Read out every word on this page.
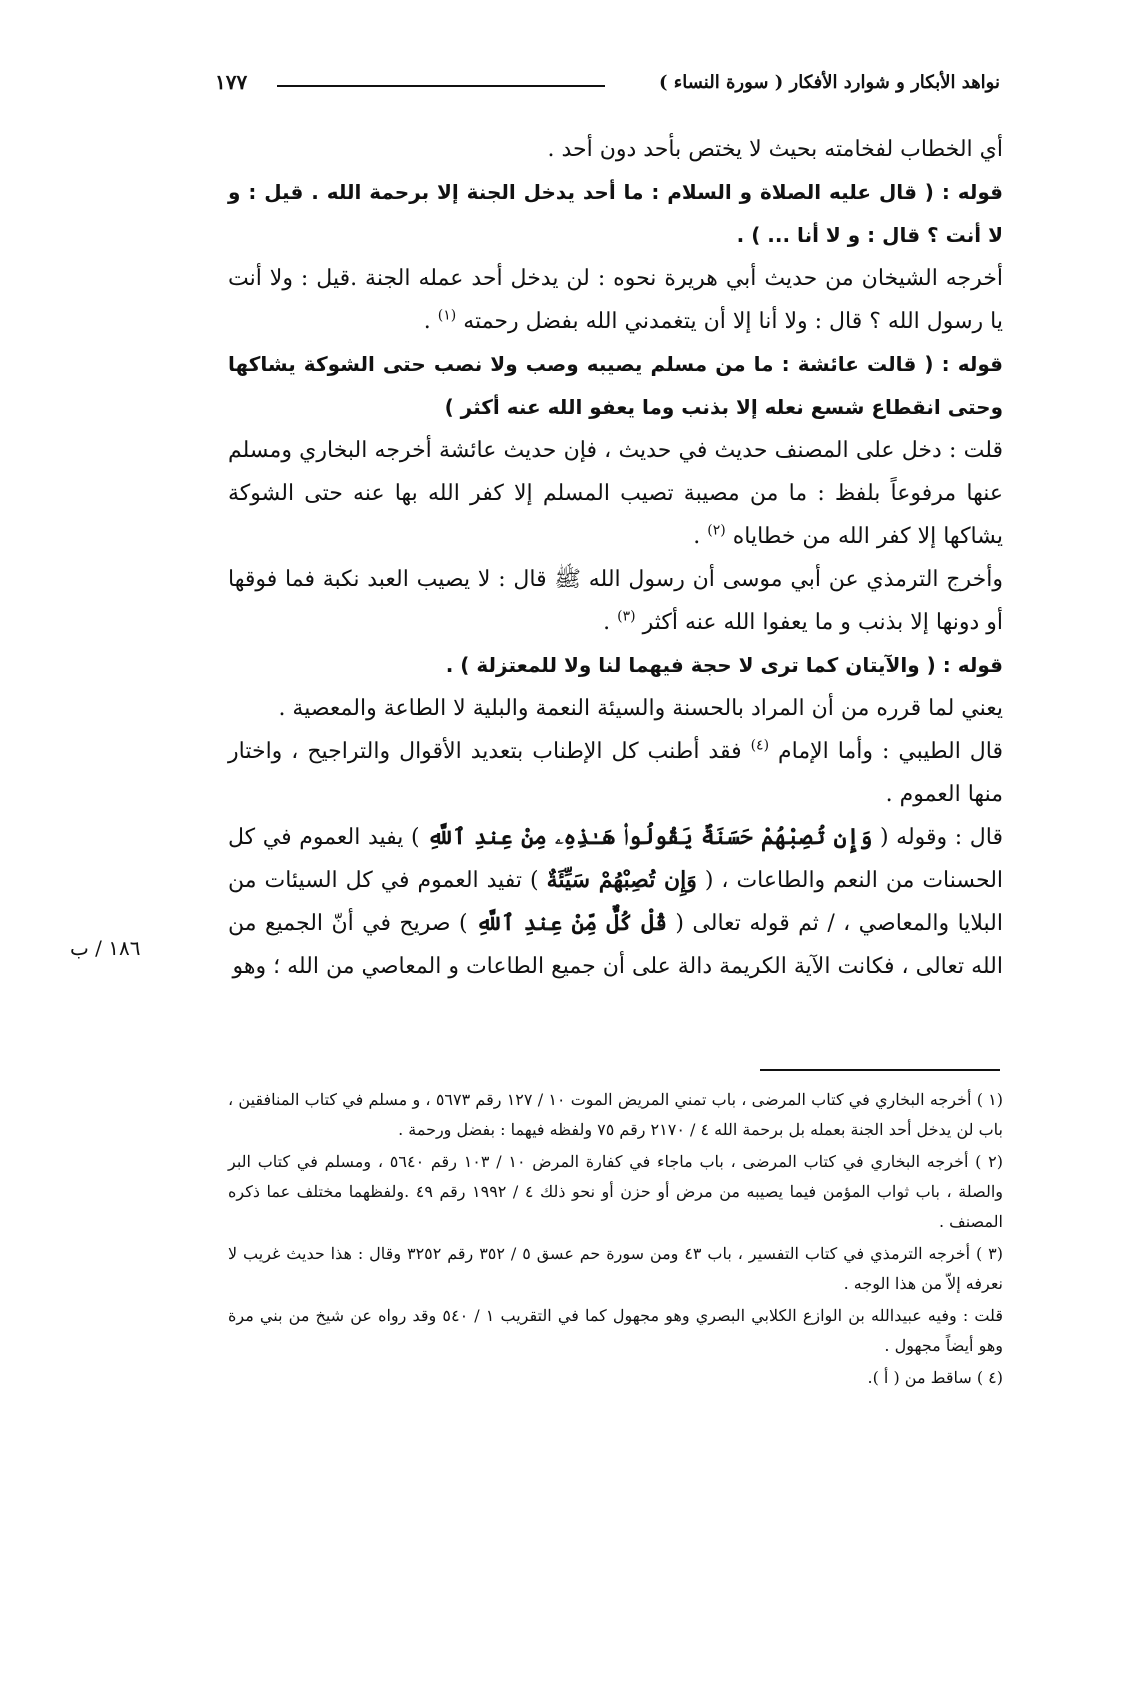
نواهد الأبكار و شوارد الأفكار ( سورة النساء )
١٧٧

أي الخطاب لفخامته بحيث لا يختص بأحد دون أحد .

قوله : ( قال عليه الصلاة و السلام : ما أحد يدخل الجنة إلا برحمة الله . قيل : و لا أنت ؟ قال : و لا أنا ... ) .

أخرجه الشيخان من حديث أبي هريرة نحوه : لن يدخل أحد عمله الجنة .قيل : ولا أنت يا رسول الله ؟ قال : ولا أنا إلا أن يتغمدني الله بفضل رحمته $^{(١)}$ .

قوله : ( قالت عائشة : ما من مسلم يصيبه وصب ولا نصب حتى الشوكة يشاكها وحتى انقطاع شسع نعله إلا بذنب وما يعفو الله عنه أكثر )

قلت : دخل على المصنف حديث في حديث ، فإن حديث عائشة أخرجه البخاري ومسلم عنها مرفوعاً بلفظ : ما من مصيبة تصيب المسلم إلا كفر الله بها عنه حتى الشوكة يشاكها إلا كفر الله من خطاياه $^{(٢)}$ .

وأخرج الترمذي عن أبي موسى أن رسول الله ﷺ قال : لا يصيب العبد نكبة فما فوقها أو دونها إلا بذنب و ما يعفوا الله عنه أكثر $^{(٣)}$ .

قوله : ( والآيتان كما ترى لا حجة فيهما لنا ولا للمعتزلة ) .

يعني لما قرره من أن المراد بالحسنة والسيئة النعمة والبلية لا الطاعة والمعصية .

قال الطيبي : وأما الإمام $^{(٤)}$ فقد أطنب كل الإطناب بتعديد الأقوال والتراجيح ، واختار منها العموم .

قال : وقوله ( وَإِن تُصِبْهُمْ حَسَنَةٌ يَقُولُوا۟ هَـٰذِهِۦ مِنْ عِندِ ٱللَّهِ ) يفيد العموم في كل الحسنات من النعم والطاعات ، ( وَإِن تُصِبْهُمْ سَيِّئَةٌ ) تفيد العموم في كل السيئات من البلايا والمعاصي ، / ثم قوله تعالى ( قُلْ كُلٌّ مِّنْ عِندِ ٱللَّهِ ) صريح في أنّ الجميع من الله تعالى ، فكانت الآية الكريمة دالة على أن جميع الطاعات و المعاصي من الله ؛ وهو

١٨٦ / ب

(١ ) أخرجه البخاري في كتاب المرضى ، باب تمني المريض الموت ١٠ / ١٢٧ رقم ٥٦٧٣ ، و مسلم في كتاب المنافقين ، باب لن يدخل أحد الجنة بعمله بل برحمة الله ٤ / ٢١٧٠ رقم ٧٥ ولفظه فيهما : بفضل ورحمة .

(٢ ) أخرجه البخاري في كتاب المرضى ، باب ماجاء في كفارة المرض ١٠ / ١٠٣ رقم ٥٦٤٠ ، ومسلم في كتاب البر والصلة ، باب ثواب المؤمن فيما يصيبه من مرض أو حزن أو نحو ذلك ٤ / ١٩٩٢ رقم ٤٩ .ولفظهما مختلف عما ذكره المصنف .

(٣ ) أخرجه الترمذي في كتاب التفسير ، باب ٤٣ ومن سورة حم عسق ٥ / ٣٥٢ رقم ٣٢٥٢ وقال : هذا حديث غريب لا نعرفه إلاّ من هذا الوجه .

قلت : وفيه عبيدالله بن الوازع الكلابي البصري وهو مجهول كما في التقريب ١ / ٥٤٠ وقد رواه عن شيخ من بني مرة وهو أيضاً مجهول .

(٤ ) ساقط من ( أ ).
